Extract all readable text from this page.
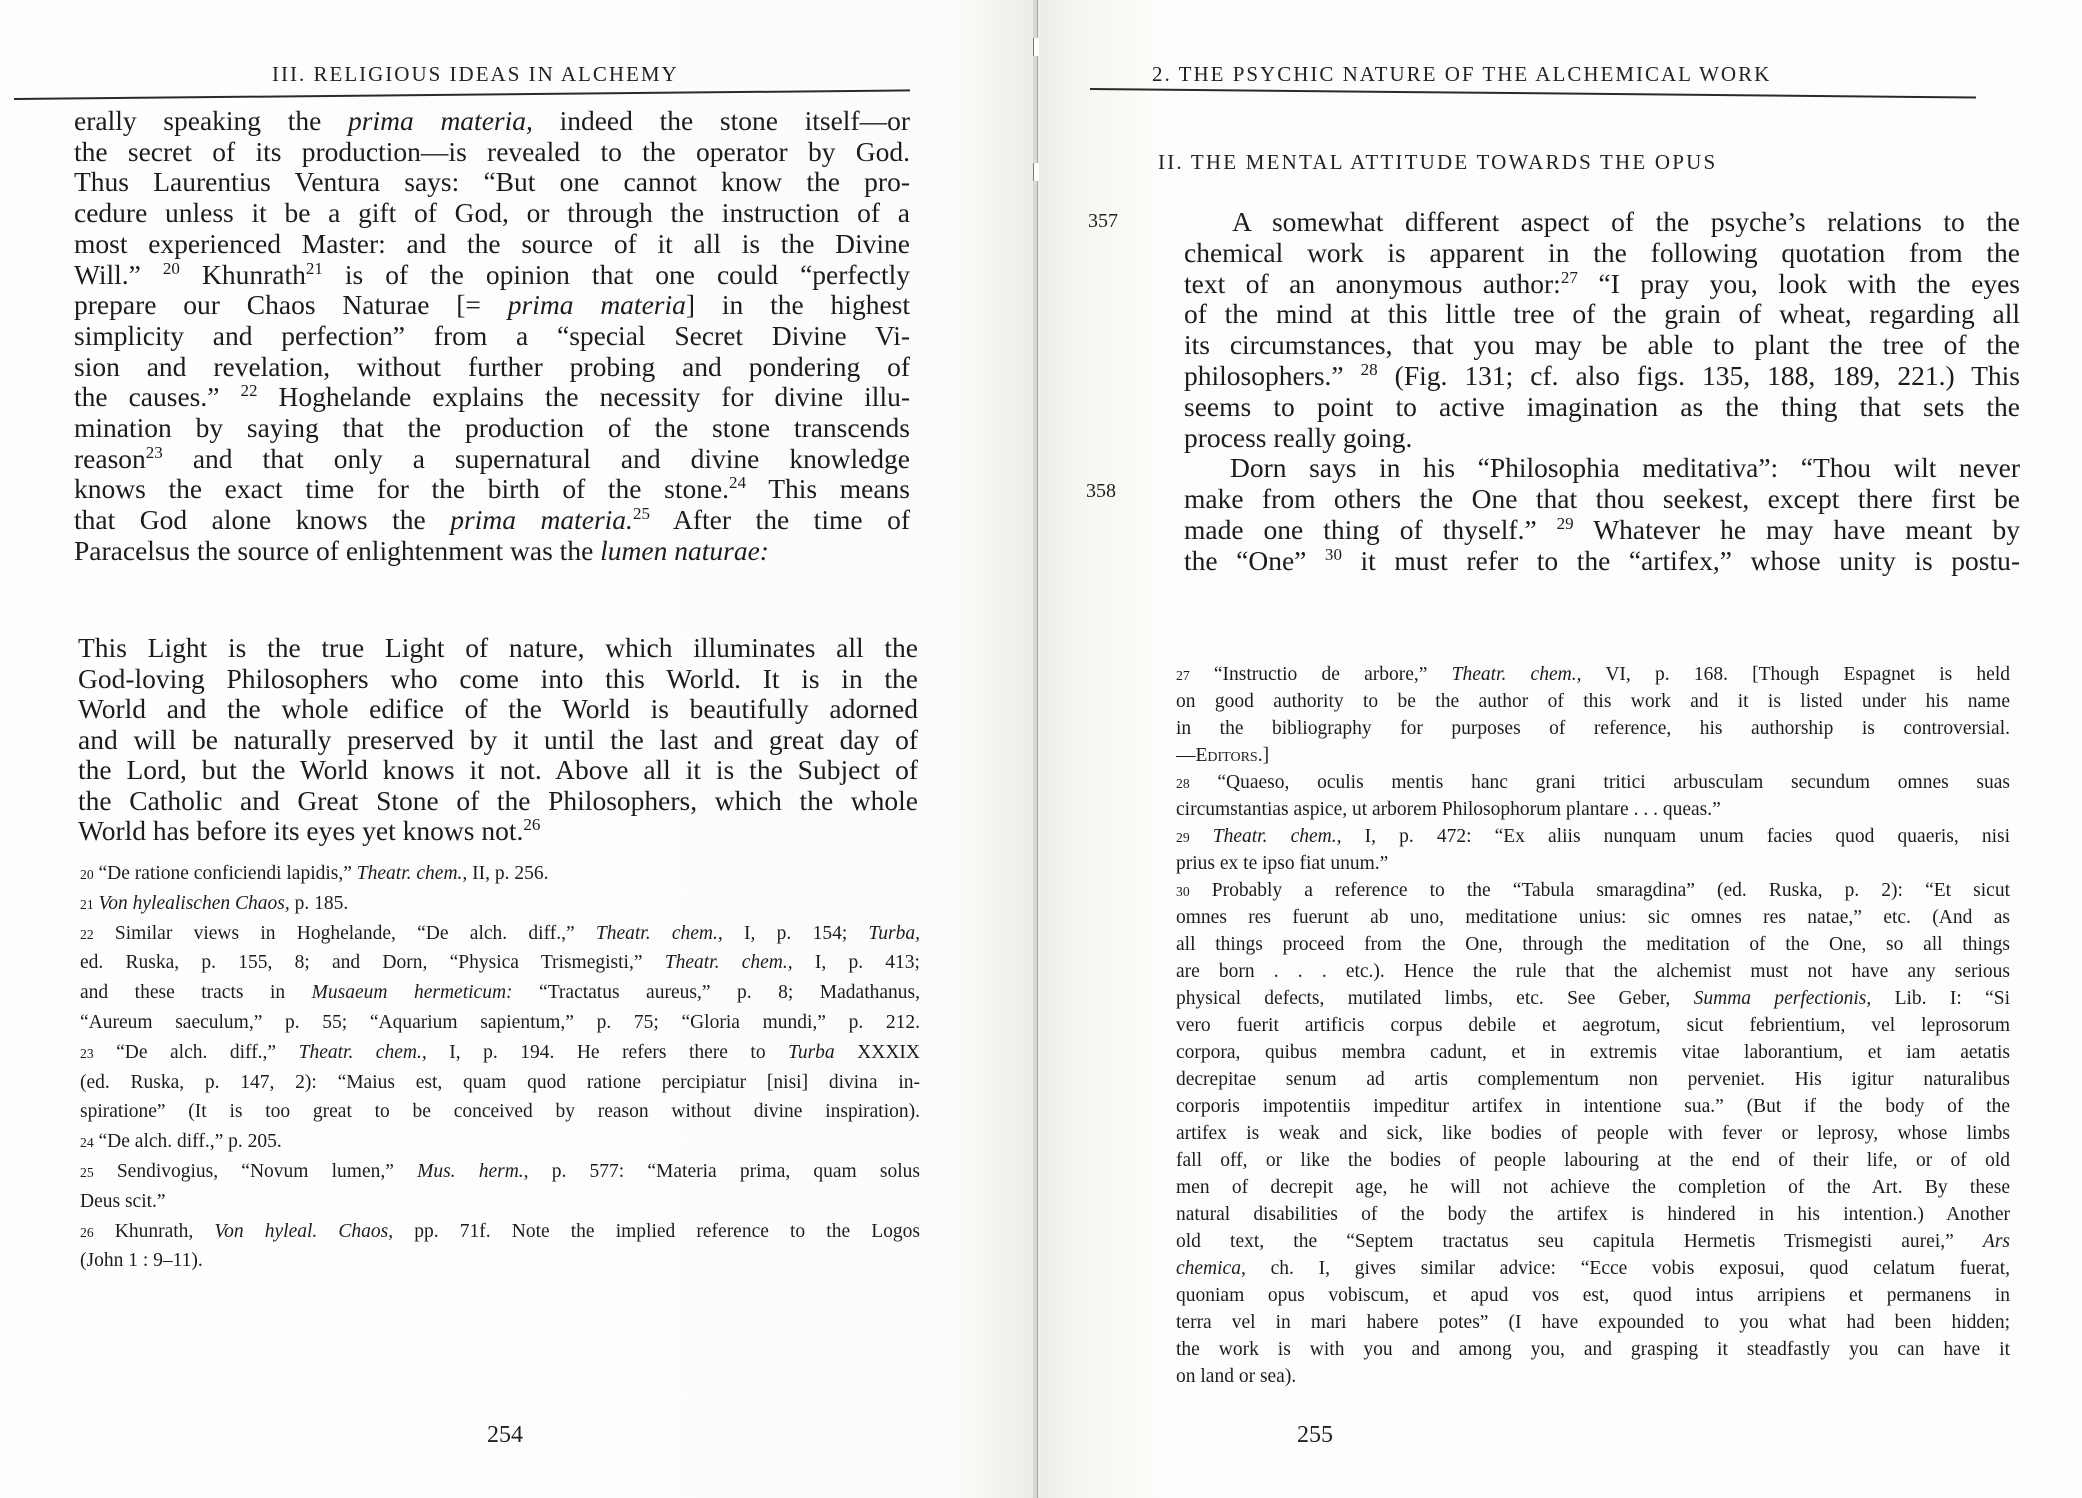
III. RELIGIOUS IDEAS IN ALCHEMY
erally speaking the prima materia, indeed the stone itself—or
the secret of its production—is revealed to the operator by God.
Thus Laurentius Ventura says: “But one cannot know the pro-
cedure unless it be a gift of God, or through the instruction of a
most experienced Master: and the source of it all is the Divine
Will.” $^{20}$ Khunrath$^{21}$ is of the opinion that one could “perfectly
prepare our Chaos Naturae [= prima materia] in the highest
simplicity and perfection” from a “special Secret Divine Vi-
sion and revelation, without further probing and pondering of
the causes.” $^{22}$ Hoghelande explains the necessity for divine illu-
mination by saying that the production of the stone transcends
reason$^{23}$ and that only a supernatural and divine knowledge
knows the exact time for the birth of the stone.$^{24}$ This means
that God alone knows the prima materia.$^{25}$ After the time of
Paracelsus the source of enlightenment was the lumen naturae:
This Light is the true Light of nature, which illuminates all the
God-loving Philosophers who come into this World. It is in the
World and the whole edifice of the World is beautifully adorned
and will be naturally preserved by it until the last and great day of
the Lord, but the World knows it not. Above all it is the Subject of
the Catholic and Great Stone of the Philosophers, which the whole
World has before its eyes yet knows not.$^{26}$
20 “De ratione conficiendi lapidis,” Theatr. chem., II, p. 256.
21 Von hylealischen Chaos, p. 185.
22 Similar views in Hoghelande, “De alch. diff.,” Theatr. chem., I, p. 154; Turba,
ed. Ruska, p. 155, 8; and Dorn, “Physica Trismegisti,” Theatr. chem., I, p. 413;
and these tracts in Musaeum hermeticum: “Tractatus aureus,” p. 8; Madathanus,
“Aureum saeculum,” p. 55; “Aquarium sapientum,” p. 75; “Gloria mundi,” p. 212.
23 “De alch. diff.,” Theatr. chem., I, p. 194. He refers there to Turba XXXIX
(ed. Ruska, p. 147, 2): “Maius est, quam quod ratione percipiatur [nisi] divina in-
spiratione” (It is too great to be conceived by reason without divine inspiration).
24 “De alch. diff.,” p. 205.
25 Sendivogius, “Novum lumen,” Mus. herm., p. 577: “Materia prima, quam solus
Deus scit.”
26 Khunrath, Von hyleal. Chaos, pp. 71f. Note the implied reference to the Logos
(John 1 : 9–11).
254
2. THE PSYCHIC NATURE OF THE ALCHEMICAL WORK
II. THE MENTAL ATTITUDE TOWARDS THE OPUS
357
358
A somewhat different aspect of the psyche’s relations to the
chemical work is apparent in the following quotation from the
text of an anonymous author:$^{27}$ “I pray you, look with the eyes
of the mind at this little tree of the grain of wheat, regarding all
its circumstances, that you may be able to plant the tree of the
philosophers.” $^{28}$ (Fig. 131; cf. also figs. 135, 188, 189, 221.) This
seems to point to active imagination as the thing that sets the
process really going.
Dorn says in his “Philosophia meditativa”: “Thou wilt never
make from others the One that thou seekest, except there first be
made one thing of thyself.” $^{29}$ Whatever he may have meant by
the “One” $^{30}$ it must refer to the “artifex,” whose unity is postu-
27 “Instructio de arbore,” Theatr. chem., VI, p. 168. [Though Espagnet is held
on good authority to be the author of this work and it is listed under his name
in the bibliography for purposes of reference, his authorship is controversial.
—Editors.]
28 “Quaeso, oculis mentis hanc grani tritici arbusculam secundum omnes suas
circumstantias aspice, ut arborem Philosophorum plantare . . . queas.”
29 Theatr. chem., I, p. 472: “Ex aliis nunquam unum facies quod quaeris, nisi
prius ex te ipso fiat unum.”
30 Probably a reference to the “Tabula smaragdina” (ed. Ruska, p. 2): “Et sicut
omnes res fuerunt ab uno, meditatione unius: sic omnes res natae,” etc. (And as
all things proceed from the One, through the meditation of the One, so all things
are born . . . etc.). Hence the rule that the alchemist must not have any serious
physical defects, mutilated limbs, etc. See Geber, Summa perfectionis, Lib. I: “Si
vero fuerit artificis corpus debile et aegrotum, sicut febrientium, vel leprosorum
corpora, quibus membra cadunt, et in extremis vitae laborantium, et iam aetatis
decrepitae senum ad artis complementum non perveniet. His igitur naturalibus
corporis impotentiis impeditur artifex in intentione sua.” (But if the body of the
artifex is weak and sick, like bodies of people with fever or leprosy, whose limbs
fall off, or like the bodies of people labouring at the end of their life, or of old
men of decrepit age, he will not achieve the completion of the Art. By these
natural disabilities of the body the artifex is hindered in his intention.) Another
old text, the “Septem tractatus seu capitula Hermetis Trismegisti aurei,” Ars
chemica, ch. I, gives similar advice: “Ecce vobis exposui, quod celatum fuerat,
quoniam opus vobiscum, et apud vos est, quod intus arripiens et permanens in
terra vel in mari habere potes” (I have expounded to you what had been hidden;
the work is with you and among you, and grasping it steadfastly you can have it
on land or sea).
255
